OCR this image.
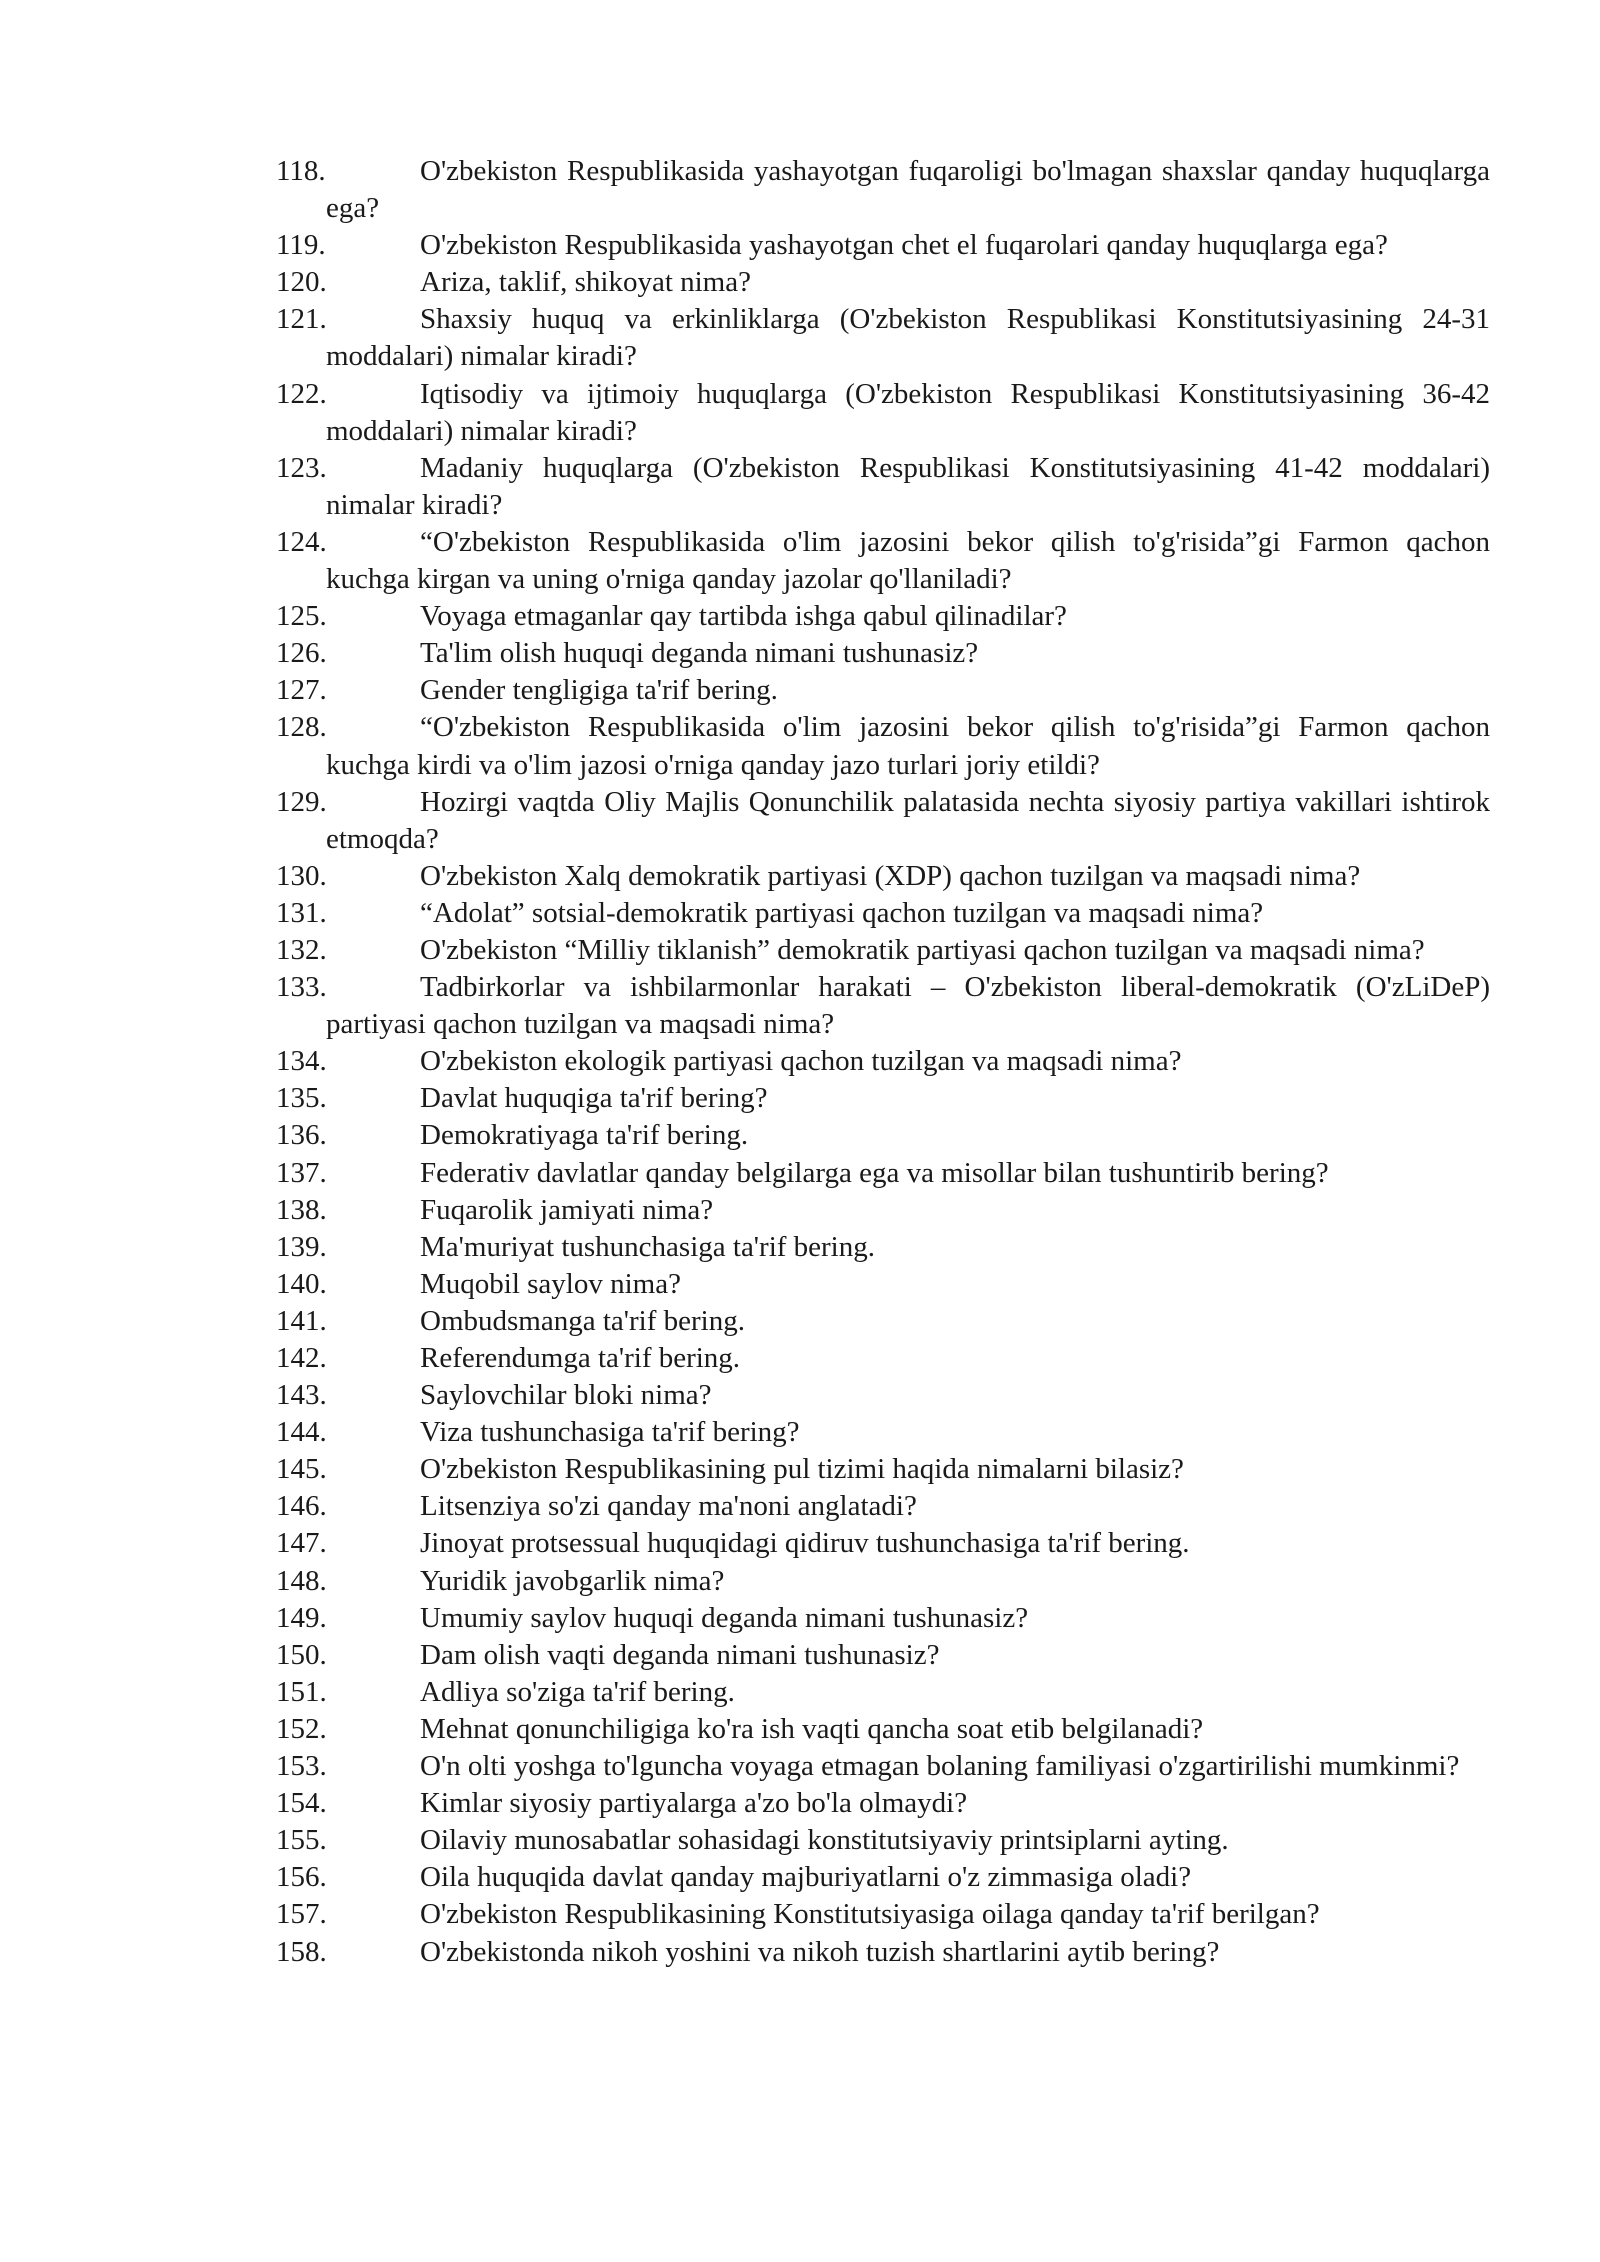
118.	O'zbekiston Respublikasida yashayotgan fuqaroligi bo'lmagan shaxslar qanday huquqlarga ega?
119.	O'zbekiston Respublikasida yashayotgan chet el fuqarolari qanday huquqlarga ega?
120.	Ariza, taklif, shikoyat nima?
121.	Shaxsiy huquq va erkinliklarga (O'zbekiston Respublikasi Konstitutsiyasining 24-31 moddalari) nimalar kiradi?
122.	Iqtisodiy va ijtimoiy huquqlarga (O'zbekiston Respublikasi Konstitutsiyasining 36-42 moddalari) nimalar kiradi?
123.	Madaniy huquqlarga (O'zbekiston Respublikasi Konstitutsiyasining 41-42 moddalari) nimalar kiradi?
124.	“O'zbekiston Respublikasida o'lim jazosini bekor qilish to'g'risida”gi Farmon qachon kuchga kirgan va uning o'rniga qanday jazolar qo'llaniladi?
125.	Voyaga etmaganlar qay tartibda ishga qabul qilinadilar?
126.	Ta'lim olish huquqi deganda nimani tushunasiz?
127.	Gender tengligiga ta'rif bering.
128.	“O'zbekiston Respublikasida o'lim jazosini bekor qilish to'g'risida”gi Farmon qachon kuchga kirdi va o'lim jazosi o'rniga qanday jazo turlari joriy etildi?
129.	Hozirgi vaqtda Oliy Majlis Qonunchilik palatasida nechta siyosiy partiya vakillari ishtirok etmoqda?
130.	O'zbekiston Xalq demokratik partiyasi (XDP) qachon tuzilgan va maqsadi nima?
131.	“Adolat” sotsial-demokratik partiyasi qachon tuzilgan va maqsadi nima?
132.	O'zbekiston “Milliy tiklanish” demokratik partiyasi qachon tuzilgan va maqsadi nima?
133.	Tadbirkorlar va ishbilarmonlar harakati – O'zbekiston liberal-demokratik (O'zLiDeP) partiyasi qachon tuzilgan va maqsadi nima?
134.	O'zbekiston ekologik partiyasi qachon tuzilgan va maqsadi nima?
135.	Davlat huquqiga ta'rif bering?
136.	Demokratiyaga ta'rif bering.
137.	Federativ davlatlar qanday belgilarga ega va misollar bilan tushuntirib bering?
138.	Fuqarolik jamiyati nima?
139.	Ma'muriyat tushunchasiga ta'rif bering.
140.	Muqobil saylov nima?
141.	Ombudsmanga ta'rif bering.
142.	Referendumga ta'rif bering.
143.	Saylovchilar bloki nima?
144.	Viza tushunchasiga ta'rif bering?
145.	O'zbekiston Respublikasining pul tizimi haqida nimalarni bilasiz?
146.	Litsenziya so'zi qanday ma'noni anglatadi?
147.	Jinoyat protsessual huquqidagi qidiruv tushunchasiga ta'rif bering.
148.	Yuridik javobgarlik nima?
149.	Umumiy saylov huquqi deganda nimani tushunasiz?
150.	Dam olish vaqti deganda nimani tushunasiz?
151.	Adliya so'ziga ta'rif bering.
152.	Mehnat qonunchiligiga ko'ra ish vaqti qancha soat etib belgilanadi?
153.	O'n olti yoshga to'lguncha voyaga etmagan bolaning familiyasi o'zgartirilishi mumkinmi?
154.	Kimlar siyosiy partiyalarga a'zo bo'la olmaydi?
155.	Oilaviy munosabatlar sohasidagi konstitutsiyaviy printsiplarni ayting.
156.	Oila huquqida davlat qanday majburiyatlarni o'z zimmasiga oladi?
157.	O'zbekiston Respublikasining Konstitutsiyasiga oilaga qanday ta'rif berilgan?
158.	O'zbekistonda nikoh yoshini va nikoh tuzish shartlarini aytib bering?
